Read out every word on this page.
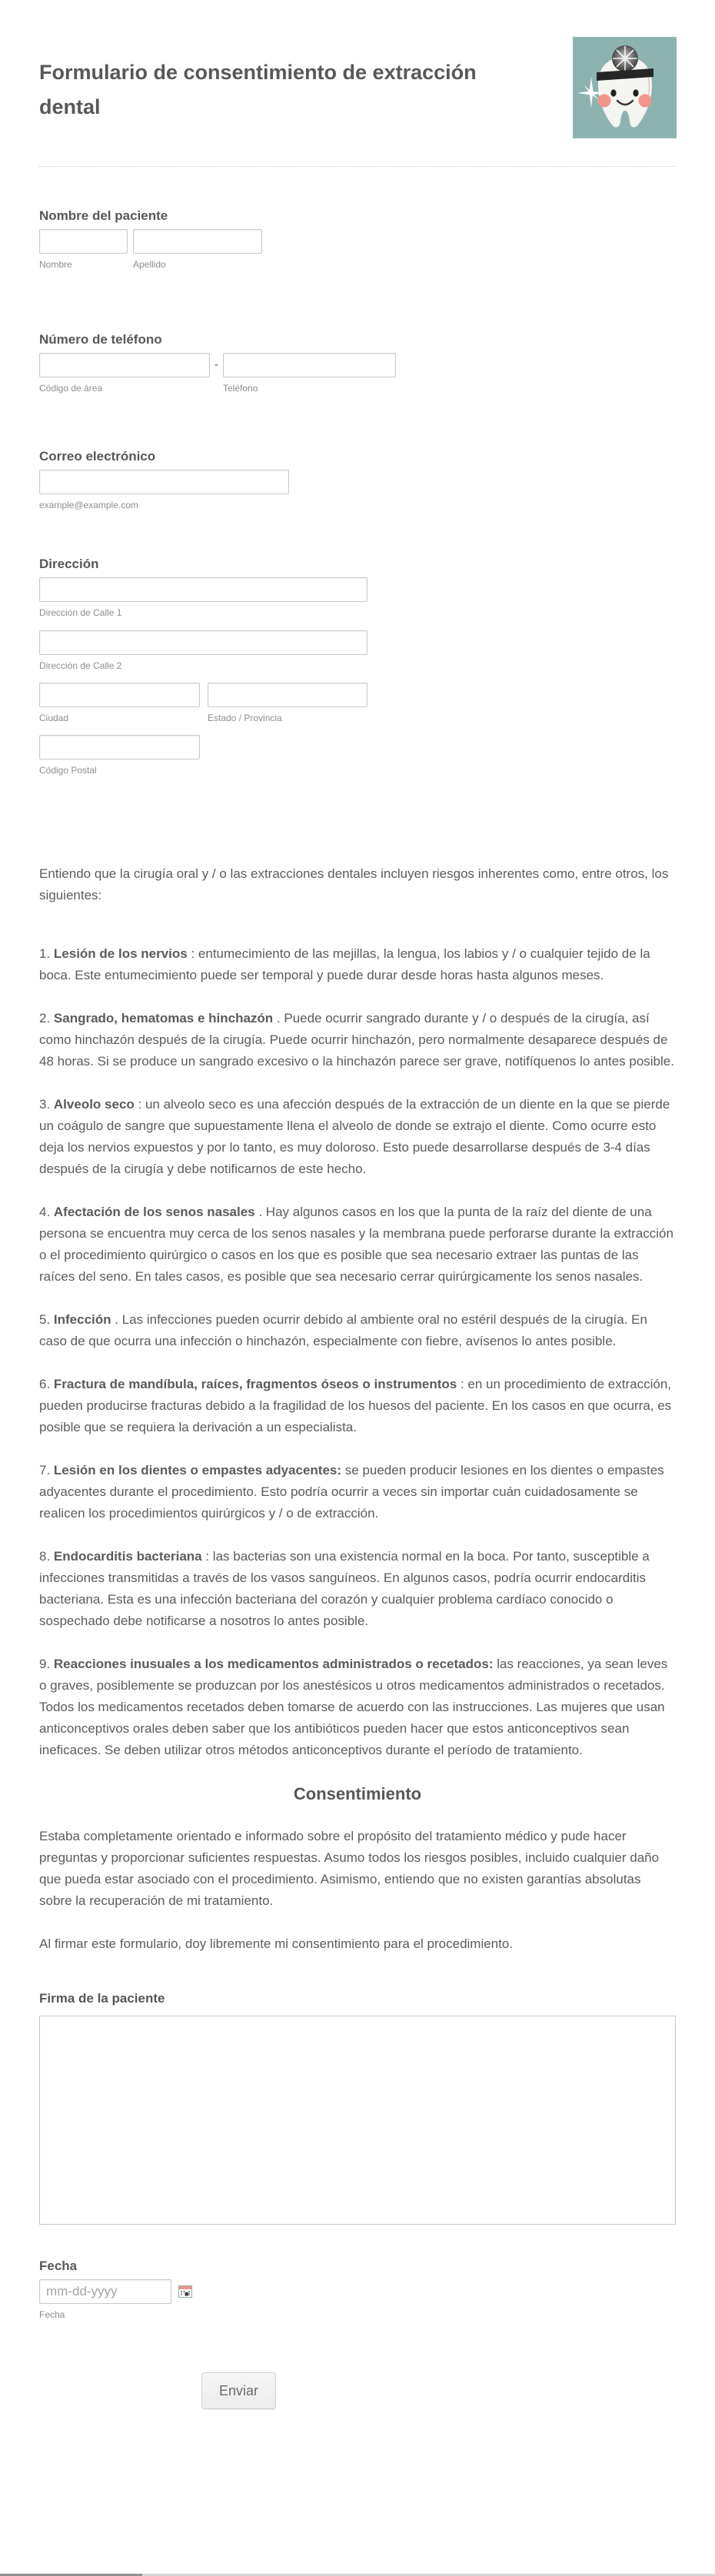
Formulario de consentimiento de extracción dental
Nombre del paciente
Nombre	Apellido
Número de teléfono
Código de área
-
Teléfono
Correo electrónico
example@example.com
Dirección
Dirección de Calle 1
Dirección de Calle 2
Ciudad	Estado / Provincia
Código Postal

Entiendo que la cirugía oral y / o las extracciones dentales incluyen riesgos inherentes como, entre otros, los siguientes:

1. Lesión de los nervios : entumecimiento de las mejillas, la lengua, los labios y / o cualquier tejido de la boca. Este entumecimiento puede ser temporal y puede durar desde horas hasta algunos meses.

2. Sangrado, hematomas e hinchazón . Puede ocurrir sangrado durante y / o después de la cirugía, así como hinchazón después de la cirugía. Puede ocurrir hinchazón, pero normalmente desaparece después de 48 horas. Si se produce un sangrado excesivo o la hinchazón parece ser grave, notifíquenos lo antes posible.

3. Alveolo seco : un alveolo seco es una afección después de la extracción de un diente en la que se pierde un coágulo de sangre que supuestamente llena el alveolo de donde se extrajo el diente. Como ocurre esto deja los nervios expuestos y por lo tanto, es muy doloroso. Esto puede desarrollarse después de 3-4 días después de la cirugía y debe notificarnos de este hecho.

4. Afectación de los senos nasales . Hay algunos casos en los que la punta de la raíz del diente de una persona se encuentra muy cerca de los senos nasales y la membrana puede perforarse durante la extracción o el procedimiento quirúrgico o casos en los que es posible que sea necesario extraer las puntas de las raíces del seno. En tales casos, es posible que sea necesario cerrar quirúrgicamente los senos nasales.

5. Infección . Las infecciones pueden ocurrir debido al ambiente oral no estéril después de la cirugía. En caso de que ocurra una infección o hinchazón, especialmente con fiebre, avísenos lo antes posible.

6. Fractura de mandíbula, raíces, fragmentos óseos o instrumentos : en un procedimiento de extracción, pueden producirse fracturas debido a la fragilidad de los huesos del paciente. En los casos en que ocurra, es posible que se requiera la derivación a un especialista.

7. Lesión en los dientes o empastes adyacentes: se pueden producir lesiones en los dientes o empastes adyacentes durante el procedimiento. Esto podría ocurrir a veces sin importar cuán cuidadosamente se realicen los procedimientos quirúrgicos y / o de extracción.

8. Endocarditis bacteriana : las bacterias son una existencia normal en la boca. Por tanto, susceptible a infecciones transmitidas a través de los vasos sanguíneos. En algunos casos, podría ocurrir endocarditis bacteriana. Esta es una infección bacteriana del corazón y cualquier problema cardíaco conocido o sospechado debe notificarse a nosotros lo antes posible.

9. Reacciones inusuales a los medicamentos administrados o recetados: las reacciones, ya sean leves o graves, posiblemente se produzcan por los anestésicos u otros medicamentos administrados o recetados. Todos los medicamentos recetados deben tomarse de acuerdo con las instrucciones. Las mujeres que usan anticonceptivos orales deben saber que los antibióticos pueden hacer que estos anticonceptivos sean ineficaces. Se deben utilizar otros métodos anticonceptivos durante el período de tratamiento.

Consentimiento

Estaba completamente orientado e informado sobre el propósito del tratamiento médico y pude hacer preguntas y proporcionar suficientes respuestas. Asumo todos los riesgos posibles, incluido cualquier daño que pueda estar asociado con el procedimiento. Asimismo, entiendo que no existen garantías absolutas sobre la recuperación de mi tratamiento.

Al firmar este formulario, doy libremente mi consentimiento para el procedimiento.

Firma de la paciente
Fecha
mm-dd-yyyy
Fecha
Enviar
